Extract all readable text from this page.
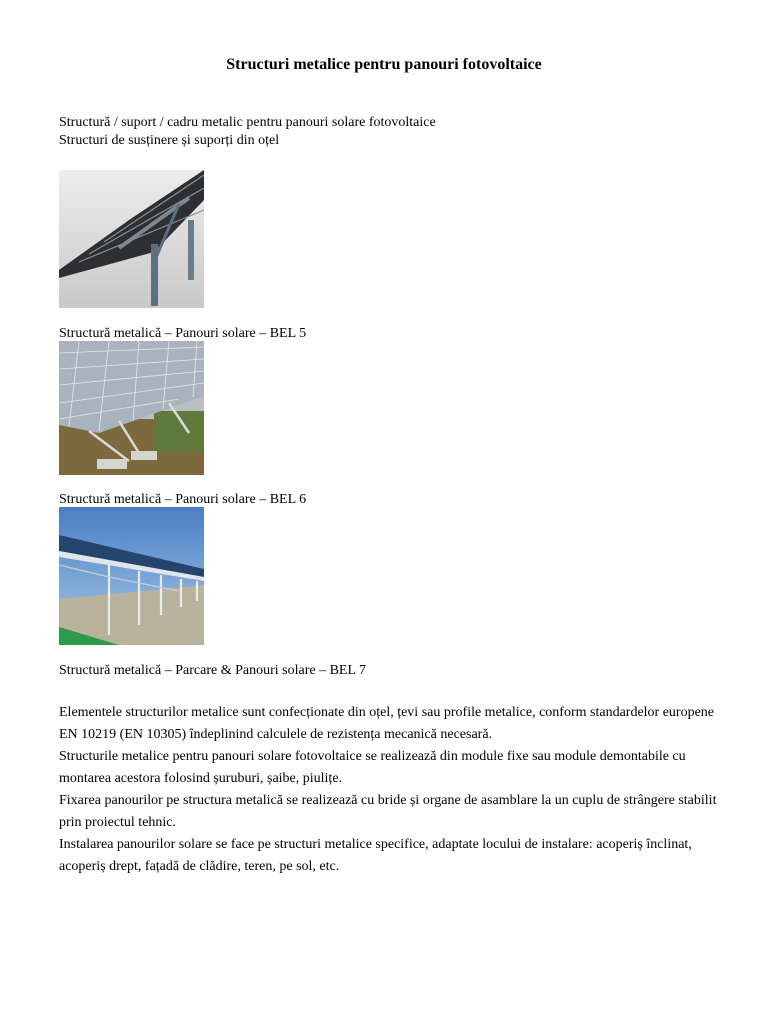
Structuri metalice pentru panouri fotovoltaice
Structură / suport / cadru metalic pentru panouri solare fotovoltaice
Structuri de susținere și suporți din oțel
Structură metalică – Panouri solare – BEL 5
Structură metalică – Panouri solare – BEL 6
Structură metalică – Parcare & Panouri solare – BEL 7

Elementele structurilor metalice sunt confecționate din oțel, țevi sau profile metalice, conform standardelor europene EN 10219 (EN 10305) îndeplinind calculele de rezistența mecanică necesară.

Structurile metalice pentru panouri solare fotovoltaice se realizează din module fixe sau module demontabile cu montarea acestora folosind șuruburi, șaibe, piulițe.

Fixarea panourilor pe structura metalică se realizează cu bride și organe de asamblare la un cuplu de strângere stabilit prin proiectul tehnic.

Instalarea panourilor solare se face pe structuri metalice specifice, adaptate locului de instalare: acoperiș înclinat, acoperiș drept, fațadă de clădire, teren, pe sol, etc.
